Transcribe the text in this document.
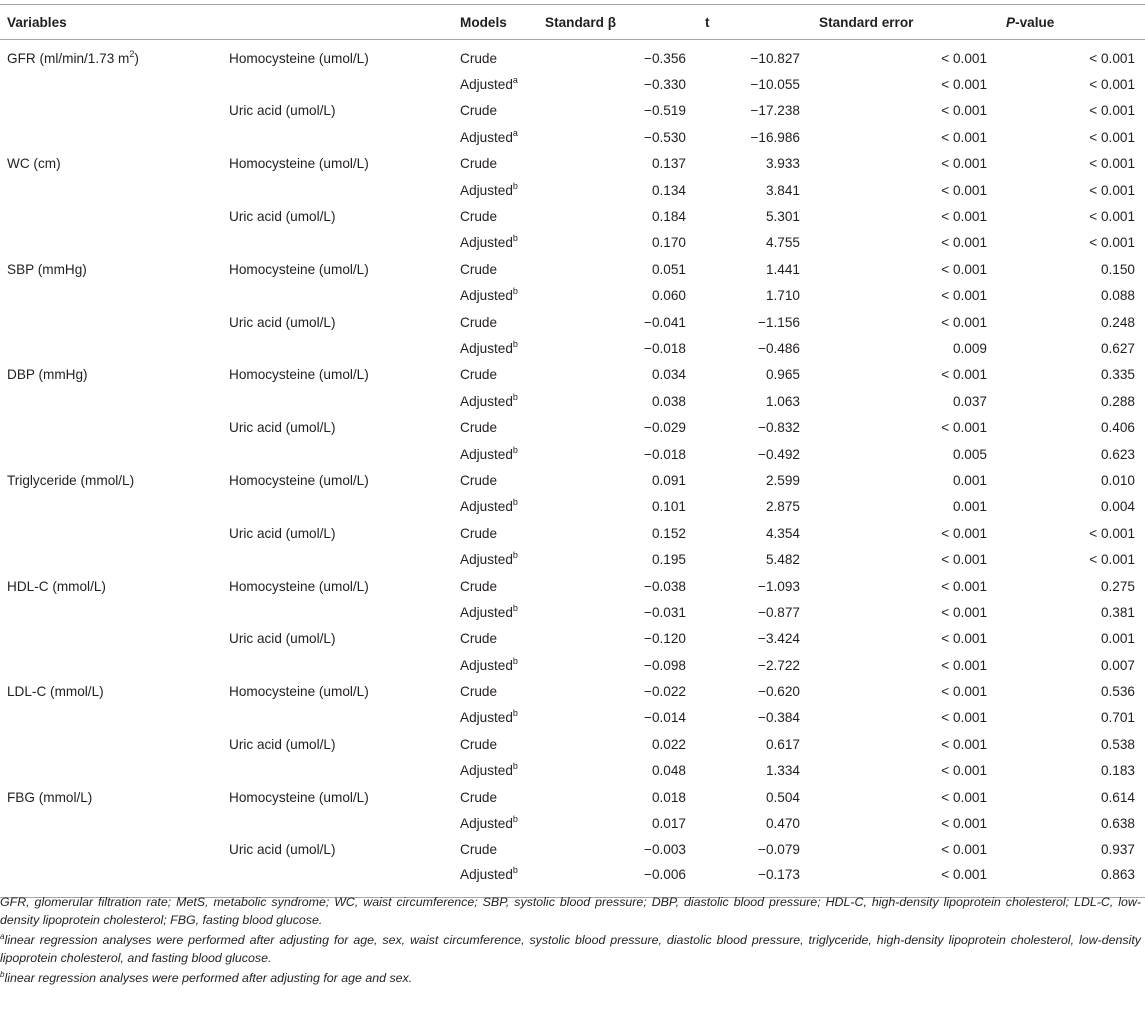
Variables		Models	Standard β	t	Standard error	P-value
GFR (ml/min/1.73 $m^2$)	Homocysteine (umol/L)	Crude	−0.356	−10.827	< 0.001	< 0.001
		Adjusted$^a$	−0.330	−10.055	< 0.001	< 0.001
	Uric acid (umol/L)	Crude	−0.519	−17.238	< 0.001	< 0.001
		Adjusted$^a$	−0.530	−16.986	< 0.001	< 0.001
WC (cm)	Homocysteine (umol/L)	Crude	0.137	3.933	< 0.001	< 0.001
		Adjusted$^b$	0.134	3.841	< 0.001	< 0.001
	Uric acid (umol/L)	Crude	0.184	5.301	< 0.001	< 0.001
		Adjusted$^b$	0.170	4.755	< 0.001	< 0.001
SBP (mmHg)	Homocysteine (umol/L)	Crude	0.051	1.441	< 0.001	0.150
		Adjusted$^b$	0.060	1.710	< 0.001	0.088
	Uric acid (umol/L)	Crude	−0.041	−1.156	< 0.001	0.248
		Adjusted$^b$	−0.018	−0.486	0.009	0.627
DBP (mmHg)	Homocysteine (umol/L)	Crude	0.034	0.965	< 0.001	0.335
		Adjusted$^b$	0.038	1.063	0.037	0.288
	Uric acid (umol/L)	Crude	−0.029	−0.832	< 0.001	0.406
		Adjusted$^b$	−0.018	−0.492	0.005	0.623
Triglyceride (mmol/L)	Homocysteine (umol/L)	Crude	0.091	2.599	0.001	0.010
		Adjusted$^b$	0.101	2.875	0.001	0.004
	Uric acid (umol/L)	Crude	0.152	4.354	< 0.001	< 0.001
		Adjusted$^b$	0.195	5.482	< 0.001	< 0.001
HDL-C (mmol/L)	Homocysteine (umol/L)	Crude	−0.038	−1.093	< 0.001	0.275
		Adjusted$^b$	−0.031	−0.877	< 0.001	0.381
	Uric acid (umol/L)	Crude	−0.120	−3.424	< 0.001	0.001
		Adjusted$^b$	−0.098	−2.722	< 0.001	0.007
LDL-C (mmol/L)	Homocysteine (umol/L)	Crude	−0.022	−0.620	< 0.001	0.536
		Adjusted$^b$	−0.014	−0.384	< 0.001	0.701
	Uric acid (umol/L)	Crude	0.022	0.617	< 0.001	0.538
		Adjusted$^b$	0.048	1.334	< 0.001	0.183
FBG (mmol/L)	Homocysteine (umol/L)	Crude	0.018	0.504	< 0.001	0.614
		Adjusted$^b$	0.017	0.470	< 0.001	0.638
	Uric acid (umol/L)	Crude	−0.003	−0.079	< 0.001	0.937
		Adjusted$^b$	−0.006	−0.173	< 0.001	0.863

GFR, glomerular filtration rate; MetS, metabolic syndrome; WC, waist circumference; SBP, systolic blood pressure; DBP, diastolic blood pressure; HDL-C, high-density lipoprotein cholesterol; LDL-C, low-density lipoprotein cholesterol; FBG, fasting blood glucose.

$^a$linear regression analyses were performed after adjusting for age, sex, waist circumference, systolic blood pressure, diastolic blood pressure, triglyceride, high-density lipoprotein cholesterol, low-density lipoprotein cholesterol, and fasting blood glucose.

$^b$linear regression analyses were performed after adjusting for age and sex.
